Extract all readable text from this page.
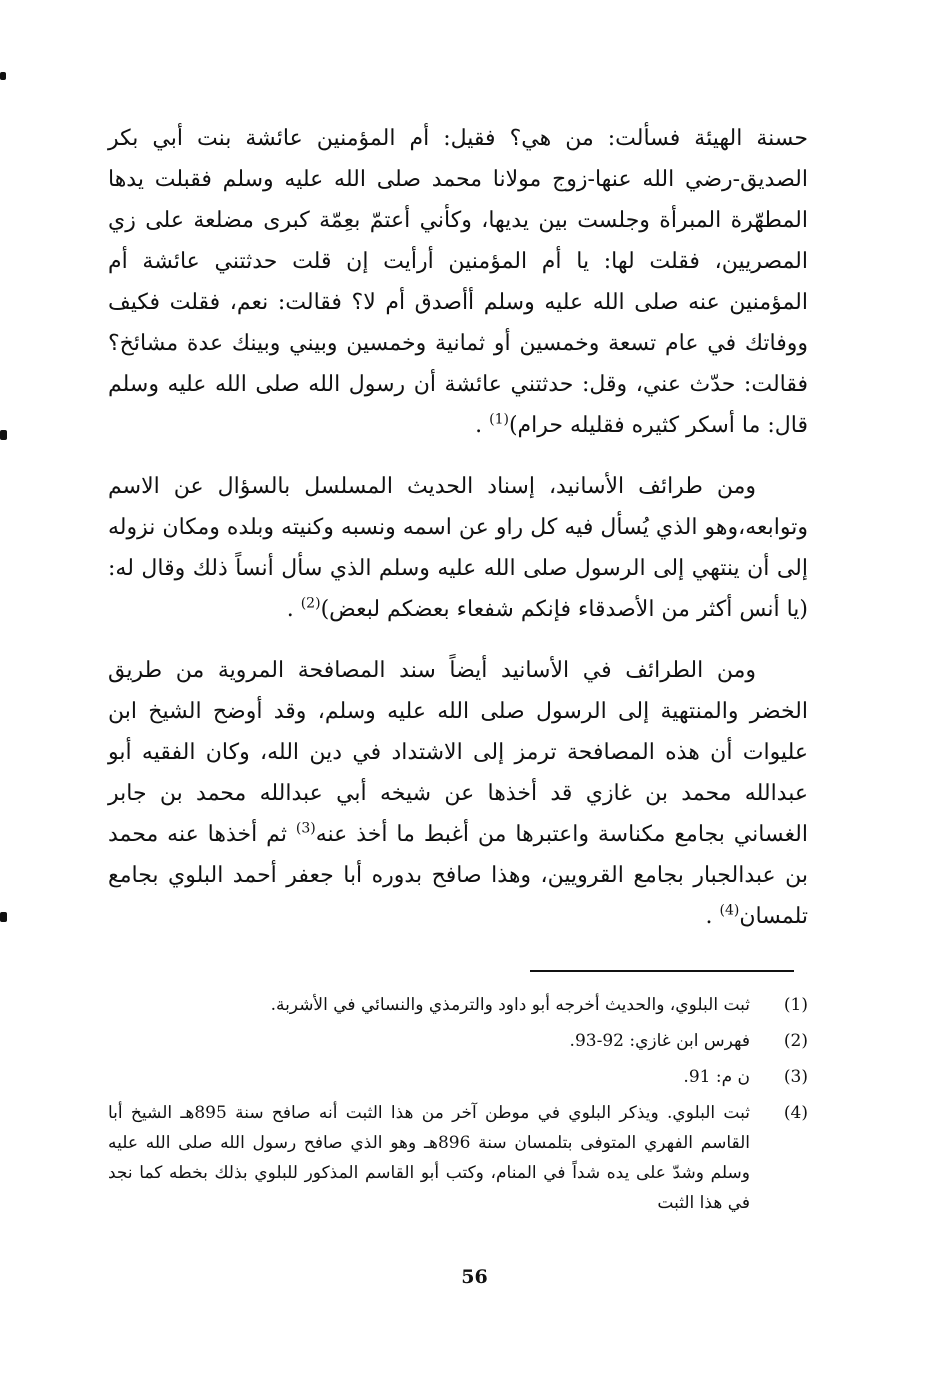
حسنة الهيئة فسألت: من هي؟ فقيل: أم المؤمنين عائشة بنت أبي بكر الصديق-رضي الله عنها-زوج مولانا محمد صلى الله عليه وسلم فقبلت يدها المطهّرة المبرأة وجلست بين يديها، وكأني أعتمّ بعِمّة كبرى مضلعة على زي المصريين، فقلت لها: يا أم المؤمنين أرأيت إن قلت حدثتني عائشة أم المؤمنين عنه صلى الله عليه وسلم أأصدق أم لا؟ فقالت: نعم، فقلت فكيف ووفاتك في عام تسعة وخمسين أو ثمانية وخمسين وبيني وبينك عدة مشائخ؟ فقالت: حدّث عني، وقل: حدثتني عائشة أن رسول الله صلى الله عليه وسلم قال: ما أسكر كثيره فقليله حرام)$^{(1)}$ .

ومن طرائف الأسانيد، إسناد الحديث المسلسل بالسؤال عن الاسم وتوابعه،وهو الذي يُسأل فيه كل راو عن اسمه ونسبه وكنيته وبلده ومكان نزوله إلى أن ينتهي إلى الرسول صلى الله عليه وسلم الذي سأل أنساً ذلك وقال له: (يا أنس أكثر من الأصدقاء فإنكم شفعاء بعضكم لبعض)$^{(2)}$ .

ومن الطرائف في الأسانيد أيضاً سند المصافحة المروية من طريق الخضر والمنتهية إلى الرسول صلى الله عليه وسلم، وقد أوضح الشيخ ابن عليوات أن هذه المصافحة ترمز إلى الاشتداد في دين الله، وكان الفقيه أبو عبدالله محمد بن غازي قد أخذها عن شيخه أبي عبدالله محمد بن جابر الغساني بجامع مكناسة واعتبرها من أغبط ما أخذ عنه$^{(3)}$ ثم أخذها عنه محمد بن عبدالجبار بجامع القرويين، وهذا صافح بدوره أبا جعفر أحمد البلوي بجامع تلمسان$^{(4)}$ .

(1)
ثبت البلوي، والحديث أخرجه أبو داود والترمذي والنسائي في الأشربة.
(2)
فهرس ابن غازي: 92-93.
(3)
ن م: 91.
(4)
ثبت البلوي. ويذكر البلوي في موطن آخر من هذا الثبت أنه صافح سنة 895هـ الشيخ أبا القاسم الفهري المتوفى بتلمسان سنة 896هـ وهو الذي صافح رسول الله صلى الله عليه وسلم وشدّ على يده شداً في المنام، وكتب أبو القاسم المذكور للبلوي بذلك بخطه كما نجد في هذا الثبت
56
